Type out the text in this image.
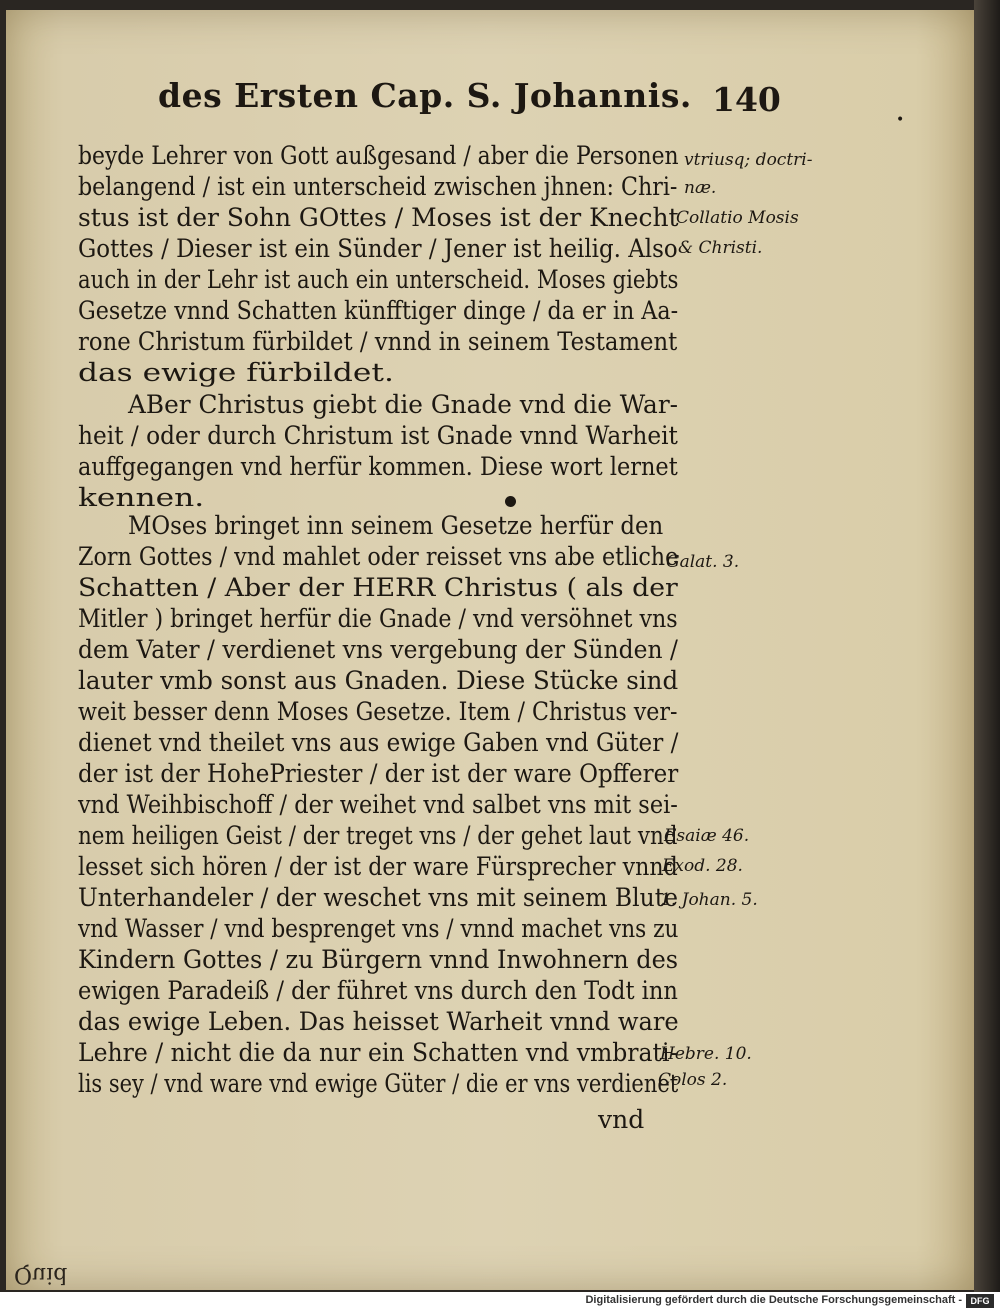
des Ersten Cap. S. Johannis. 140
•
beyde Lehrer von Gott außgesand / aber die Personen
belangend / ist ein unterscheid zwischen jhnen: Chri-
stus ist der Sohn GOttes / Moses ist der Knecht
Gottes / Dieser ist ein Sünder / Jener ist heilig. Also
auch in der Lehr ist auch ein unterscheid. Moses giebts
Gesetze vnnd Schatten künfftiger dinge / da er in Aa-
rone Christum fürbildet / vnnd in seinem Testament
das ewige fürbildet.
ABer Christus giebt die Gnade vnd die War-
heit / oder durch Christum ist Gnade vnnd Warheit
auffgegangen vnd herfür kommen. Diese wort lernet
kennen.
MOses bringet inn seinem Gesetze herfür den
Zorn Gottes / vnd mahlet oder reisset vns abe etliche
Schatten / Aber der HERR Christus ( als der
Mitler ) bringet herfür die Gnade / vnd versöhnet vns
dem Vater / verdienet vns vergebung der Sünden /
lauter vmb sonst aus Gnaden. Diese Stücke sind
weit besser denn Moses Gesetze. Item / Christus ver-
dienet vnd theilet vns aus ewige Gaben vnd Güter /
der ist der HohePriester / der ist der ware Opfferer
vnd Weihbischoff / der weihet vnd salbet vns mit sei-
nem heiligen Geist / der treget vns / der gehet laut vnd
lesset sich hören / der ist der ware Fürsprecher vnnd
Unterhandeler / der weschet vns mit seinem Blute
vnd Wasser / vnd besprenget vns / vnnd machet vns zu
Kindern Gottes / zu Bürgern vnnd Inwohnern des
ewigen Paradeiß / der führet vns durch den Todt inn
das ewige Leben. Das heisset Warheit vnnd ware
Lehre / nicht die da nur ein Schatten vnd vmbrati-
lis sey / vnd ware vnd ewige Güter / die er vns verdienet
vnd
vtriusq; doctri-
næ.
Collatio Mosis
& Christi.
Galat. 3.
Esaiæ 46.
Exod. 28.
1. Johan. 5.
Hebre. 10.
Colos 2.
Quid
Digitalisierung gefördert durch die Deutsche Forschungsgemeinschaft - DFG
